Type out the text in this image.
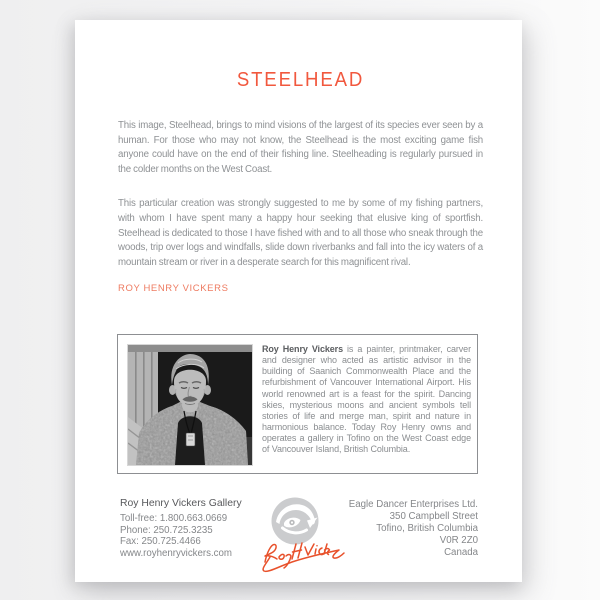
STEELHEAD

This image, Steelhead, brings to mind visions of the largest of its species ever seen by a human. For those who may not know, the Steelhead is the most exciting game fish anyone could have on the end of their fishing line. Steelheading is regularly pursued in the colder months on the West Coast.

This particular creation was strongly suggested to me by some of my fishing partners, with whom I have spent many a happy hour seeking that elusive king of sportfish. Steelhead is dedicated to those I have fished with and to all those who sneak through the woods, trip over logs and windfalls, slide down riverbanks and fall into the icy waters of a mountain stream or river in a desperate search for this magnificent rival.

ROY HENRY VICKERS
Roy Henry Vickers is a painter, printmaker, carver and designer who acted as artistic advisor in the building of Saanich Commonwealth Place and the refurbishment of Vancouver International Airport. His world renowned art is a feast for the spirit. Dancing skies, mysterious moons and ancient symbols tell stories of life and merge man, spirit and nature in harmonious balance. Today Roy Henry owns and operates a gallery in Tofino on the West Coast edge of Vancouver Island, British Columbia.
Roy Henry Vickers Gallery
Toll-free: 1.800.663.0669
Phone: 250.725.3235
Fax: 250.725.4466
www.royhenryvickers.com
Eagle Dancer Enterprises Ltd.
350 Campbell Street
Tofino, British Columbia
V0R 2Z0
Canada
